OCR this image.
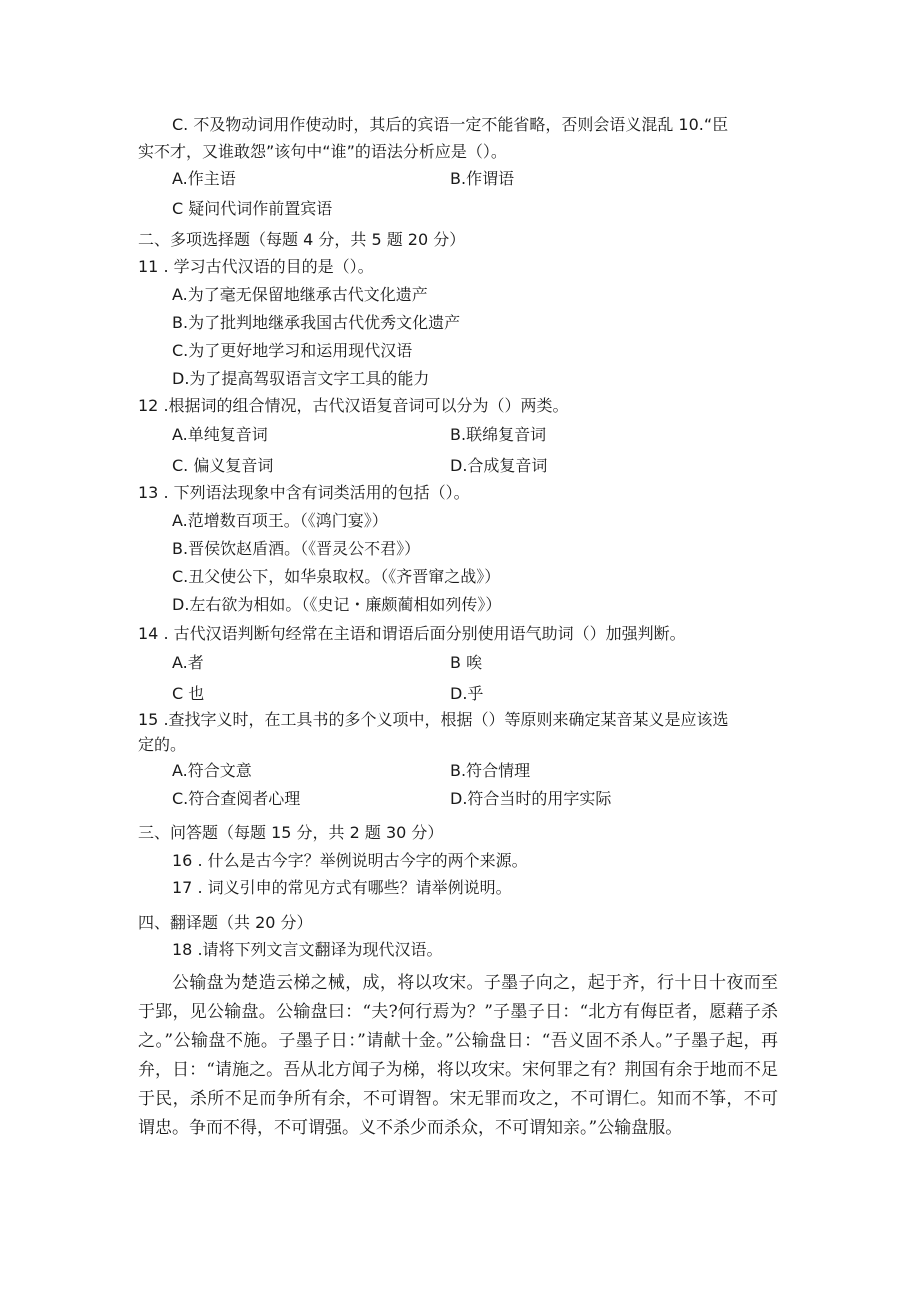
C. 不及物动词用作使动时，其后的宾语一定不能省略，否则会语义混乱 10.“臣
实不才，又谁敢怨”该句中“谁”的语法分析应是（）。
A.作主语	B.作谓语
C 疑问代词作前置宾语
二、多项选择题（每题 4 分，共 5 题 20 分）
11 . 学习古代汉语的目的是（）。
A.为了毫无保留地继承古代文化遗产
B.为了批判地继承我国古代优秀文化遗产
C.为了更好地学习和运用现代汉语
D.为了提高驾驭语言文字工具的能力
12 .根据词的组合情况，古代汉语复音词可以分为（）两类。
A.单纯复音词	B.联绵复音词
C. 偏义复音词	D.合成复音词
13 . 下列语法现象中含有词类活用的包括（）。
A.范增数百项王。（《鸿门宴》）
B.晋侯饮赵盾酒。（《晋灵公不君》）
C.丑父使公下，如华泉取权。（《齐晋窜之战》）
D.左右欲为相如。（《史记・廉颇蔺相如列传》）
14 . 古代汉语判断句经常在主语和谓语后面分别使用语气助词（）加强判断。
A.者	B 唉
C 也	D.乎
15 .查找字义时，在工具书的多个义项中，根据（）等原则来确定某音某义是应该选
定的。
A.符合文意	B.符合情理
C.符合查阅者心理	D.符合当时的用字实际
三、问答题（每题 15 分，共 2 题 30 分）
16 . 什么是古今字？举例说明古今字的两个来源。
17 . 词义引申的常见方式有哪些？请举例说明。
四、翻译题（共 20 分）
18 .请将下列文言文翻译为现代汉语。
公输盘为楚造云梯之械，成，将以攻宋。子墨子向之，起于齐，行十日十夜而至于郢，见公输盘。公输盘曰：“夫?何行焉为？”子墨子日：“北方有侮臣者，愿藉子杀之。”公输盘不施。子墨子日：”请献十金。”公输盘日：“吾义固不杀人。”子墨子起，再弁，日：“请施之。吾从北方闻子为梯，将以攻宋。宋何罪之有？荆国有余于地而不足于民，杀所不足而争所有余，不可谓智。宋无罪而攻之，不可谓仁。知而不筝，不可谓忠。争而不得，不可谓强。义不杀少而杀众，不可谓知亲。”公输盘服。
